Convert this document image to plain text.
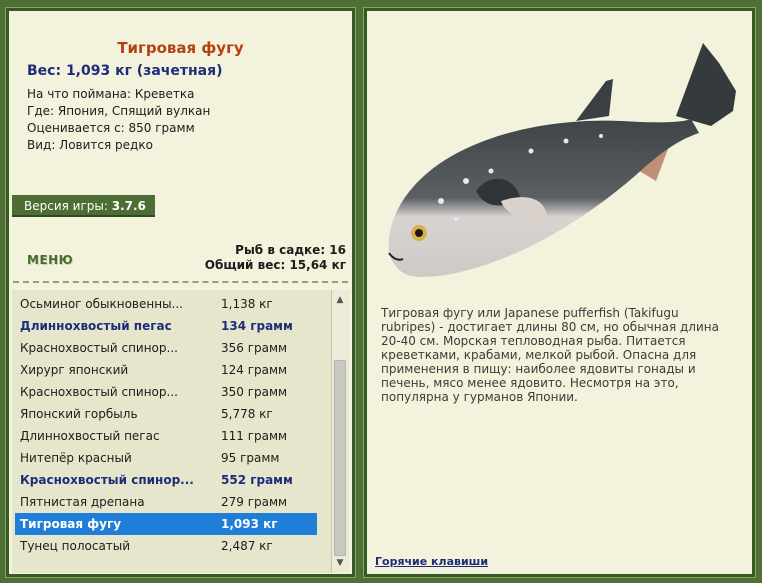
Тигровая фугу
Вес: 1,093 кг (зачетная)
На что поймана: Креветка
Где: Япония, Спящий вулкан
Оценивается с: 850 грамм
Вид: Ловится редко
Версия игры: 3.7.6
МЕНЮ
Рыб в садке: 16
Общий вес: 15,64 кг
Осьминог обыкновенны...	1,138 кг
Длиннохвостый пегас	134 грамм
Краснохвостый спинор...	356 грамм
Хирург японский	124 грамм
Краснохвостый спинор...	350 грамм
Японский горбыль	5,778 кг
Длиннохвостый пегас	111 грамм
Нитепёр красный	95 грамм
Краснохвостый спинор... 552 грамм
Пятнистая дрепана	279 грамм
Тигровая фугу	1,093 кг
Тунец полосатый	2,487 кг
▲
▼
Тигровая фугу или Japanese pufferfish (Takifugu rubripes) - достигает длины 80 см, но обычная длина 20-40 см. Морская тепловодная рыба. Питается креветками, крабами, мелкой рыбой. Опасна для применения в пищу: наиболее ядовиты гонады и печень, мясо менее ядовито. Несмотря на это, популярна у гурманов Японии.
Горячие клавиши
